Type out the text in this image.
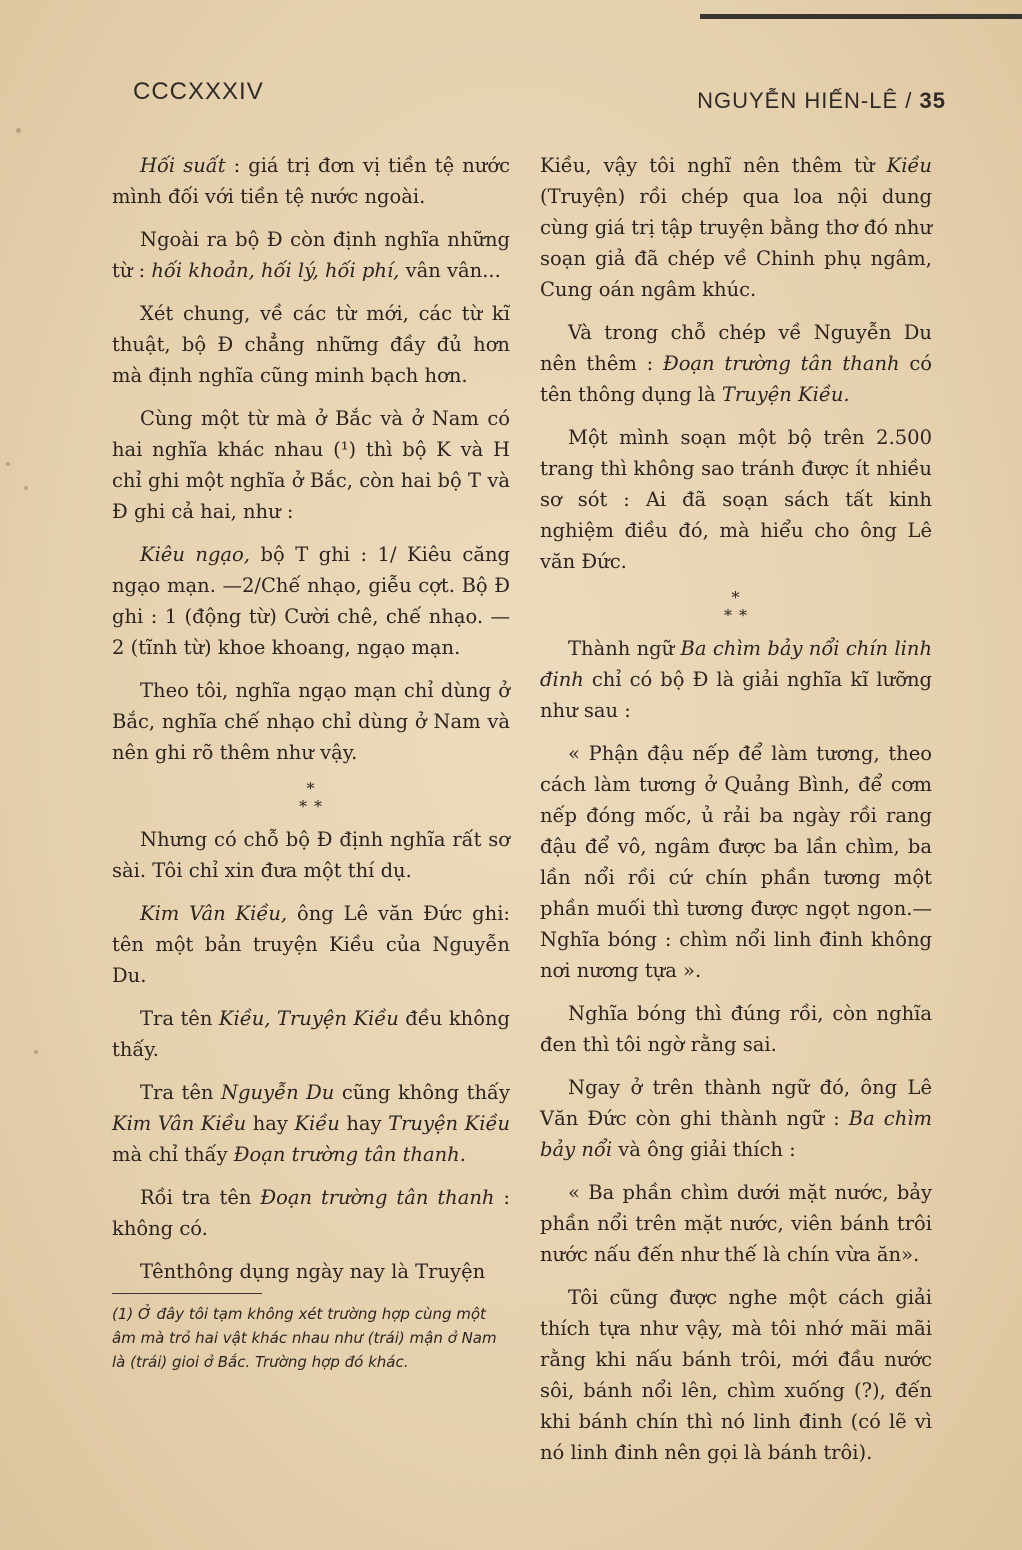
CCCXXXIV	NGUYỄN HIẾN-LÊ / 35

Hối suất : giá trị đơn vị tiền tệ nước mình đối với tiền tệ nước ngoài.

Ngoài ra bộ Đ còn định nghĩa những từ : hối khoản, hối lý, hối phí, vân vân...

Xét chung, về các từ mới, các từ kĩ thuật, bộ Đ chẳng những đầy đủ hơn mà định nghĩa cũng minh bạch hơn.

Cùng một từ mà ở Bắc và ở Nam có hai nghĩa khác nhau (¹) thì bộ K và H chỉ ghi một nghĩa ở Bắc, còn hai bộ T và Đ ghi cả hai, như :

Kiêu ngạo, bộ T ghi : 1/ Kiêu căng ngạo mạn. —2/Chế nhạo, giễu cợt. Bộ Đ ghi : 1 (động từ) Cười chê, chế nhạo. —2 (tĩnh từ) khoe khoang, ngạo mạn.

Theo tôi, nghĩa ngạo mạn chỉ dùng ở Bắc, nghĩa chế nhạo chỉ dùng ở Nam và nên ghi rõ thêm như vậy.

*
* *

Nhưng có chỗ bộ Đ định nghĩa rất sơ sài. Tôi chỉ xin đưa một thí dụ.

Kim Vân Kiều, ông Lê văn Đức ghi: tên một bản truyện Kiều của Nguyễn Du.

Tra tên Kiều, Truyện Kiều đều không thấy.

Tra tên Nguyễn Du cũng không thấy Kim Vân Kiều hay Kiều hay Truyện Kiều mà chỉ thấy Đoạn trường tân thanh.

Rồi tra tên Đoạn trường tân thanh : không có.

Tênthông dụng ngày nay là Truyện

(1) Ở đây tôi tạm không xét trường hợp cùng một âm mà trỏ hai vật khác nhau như (trái) mận ở Nam là (trái) gioi ở Bắc. Trường hợp đó khác.

Kiều, vậy tôi nghĩ nên thêm từ Kiều (Truyện) rồi chép qua loa nội dung cùng giá trị tập truyện bằng thơ đó như soạn giả đã chép về Chinh phụ ngâm, Cung oán ngâm khúc.

Và trong chỗ chép về Nguyễn Du nên thêm : Đoạn trường tân thanh có tên thông dụng là Truyện Kiều.

Một mình soạn một bộ trên 2.500 trang thì không sao tránh được ít nhiều sơ sót : Ai đã soạn sách tất kinh nghiệm điều đó, mà hiểu cho ông Lê văn Đức.

*
* *

Thành ngữ Ba chìm bảy nổi chín linh đinh chỉ có bộ Đ là giải nghĩa kĩ lưỡng như sau :

« Phận đậu nếp để làm tương, theo cách làm tương ở Quảng Bình, để cơm nếp đóng mốc, ủ rải ba ngày rồi rang đậu để vô, ngâm được ba lần chìm, ba lần nổi rồi cứ chín phần tương một phần muối thì tương được ngọt ngon.— Nghĩa bóng : chìm nổi linh đinh không nơi nương tựa ».

Nghĩa bóng thì đúng rồi, còn nghĩa đen thì tôi ngờ rằng sai.

Ngay ở trên thành ngữ đó, ông Lê Văn Đức còn ghi thành ngữ : Ba chìm bảy nổi và ông giải thích :

« Ba phần chìm dưới mặt nước, bảy phần nổi trên mặt nước, viên bánh trôi nước nấu đến như thế là chín vừa ăn».

Tôi cũng được nghe một cách giải thích tựa như vậy, mà tôi nhớ mãi mãi rằng khi nấu bánh trôi, mới đầu nước sôi, bánh nổi lên, chìm xuống (?), đến khi bánh chín thì nó linh đinh (có lẽ vì nó linh đinh nên gọi là bánh trôi).
